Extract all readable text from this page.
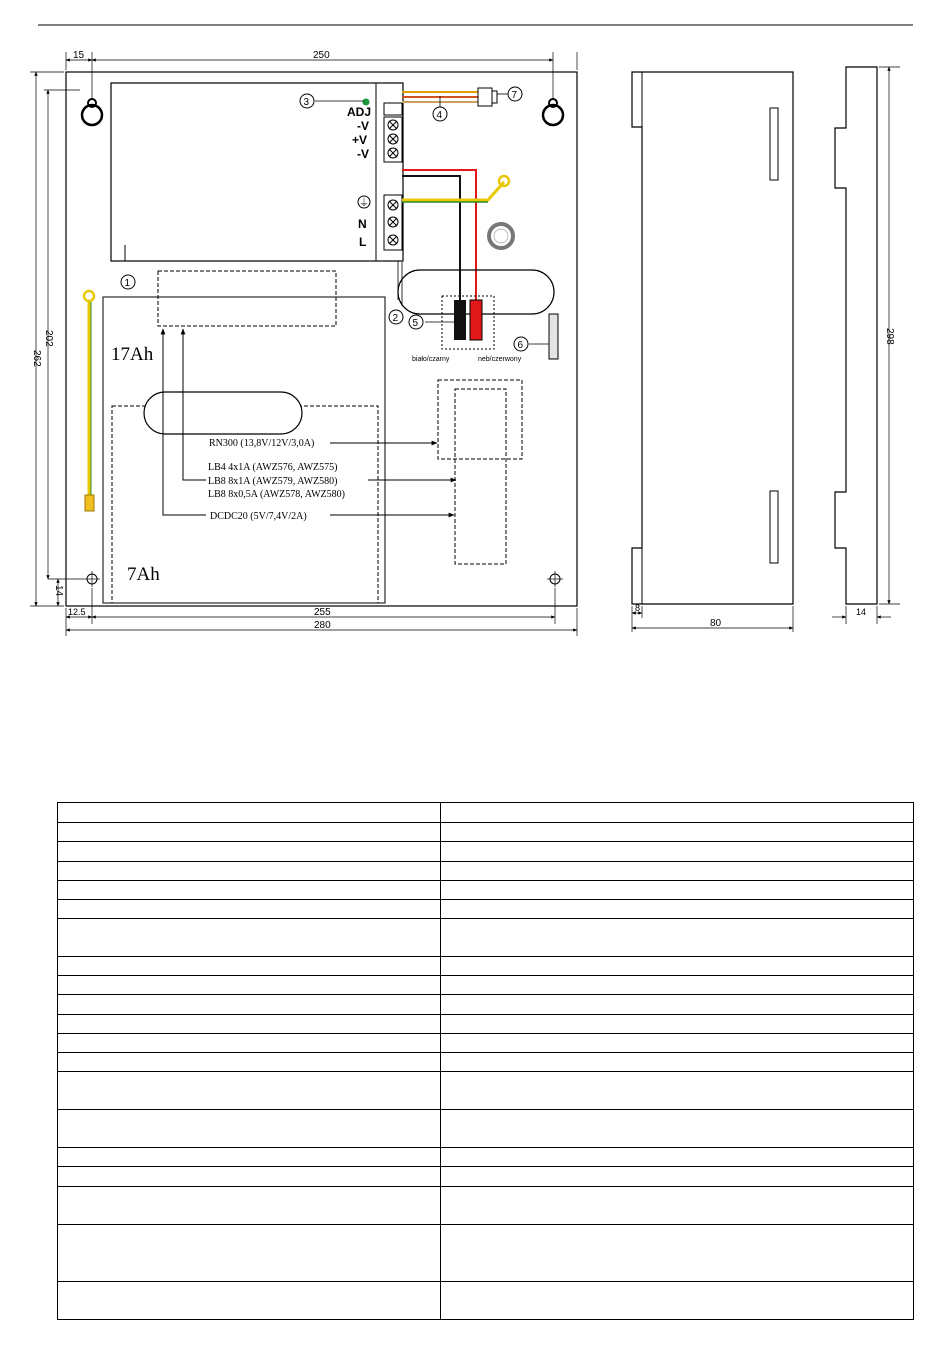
ADJ
-V
+V
-V
⏚
N
L
biało/czarny	neb/czerwony
17Ah
7Ah
RN300 (13,8V/12V/3,0A)
LB4 4x1A (AWZ576, AWZ575)
LB8 8x1A (AWZ579, AWZ580)
LB8 8x0,5A (AWZ578, AWZ580)
DCDC20 (5V/7,4V/2A)
1
2
3
4
5
6
7
15	250
262
202
14
12.5	255
280
8
80
298
14
